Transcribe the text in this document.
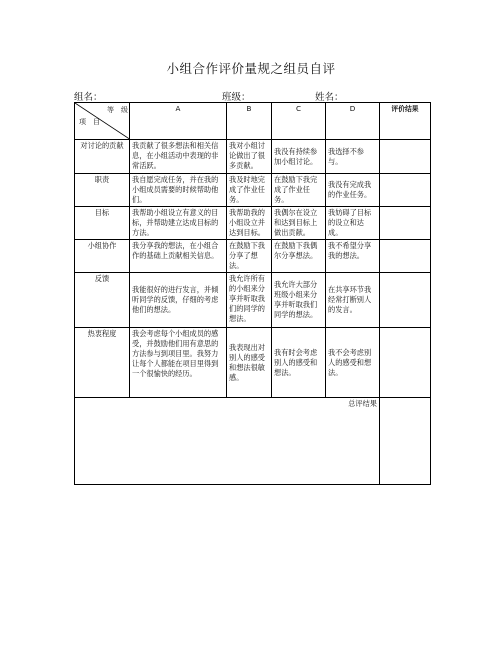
小组合作评价量规之组员自评
组名：	班级：	姓名：
等　级
项　目	A	B	C	D	评价结果
对讨论的贡献	我贡献了很多想法和相关信息，在小组活动中表现的非常活跃。	我对小组讨论做出了很多贡献。	我没有持续参加小组讨论。	我选择不参与。	
职责	我自愿完成任务，并在我的小组成员需要的时候帮助他们。	我及时地完成了作业任务。	在鼓励下我完成了作业任务。	我没有完成我的作业任务。	
目标	我帮助小组设立有意义的目标，并帮助建立达成目标的方法。	我帮助我的小组设立并达到目标。	我偶尔在设立和达到目标上做出贡献。	我妨碍了目标的设立和达成。	
小组协作	我分享我的想法，在小组合作的基础上贡献相关信息。	在鼓励下我分享了想法。	在鼓励下我偶尔分享想法。	我不希望分享我的想法。	
反馈	我能很好的进行发言，并倾听同学的反馈，仔细的考虑他们的想法。	我允许所有的小组来分享并听取我们的同学的想法。	我允许大部分班级小组来分享并听取我们同学的想法。	在共享环节我经常打断别人的发言。	
热衷程度	我会考虑每个小组成员的感受，并鼓励他们用有意思的方法参与到项目里。我努力让每个人都能在项目里得到一个很愉快的经历。	我表现出对别人的感受和想法很敏感。	我有时会考虑别人的感受和想法。	我不会考虑别人的感受和想法。	
总评结果					
